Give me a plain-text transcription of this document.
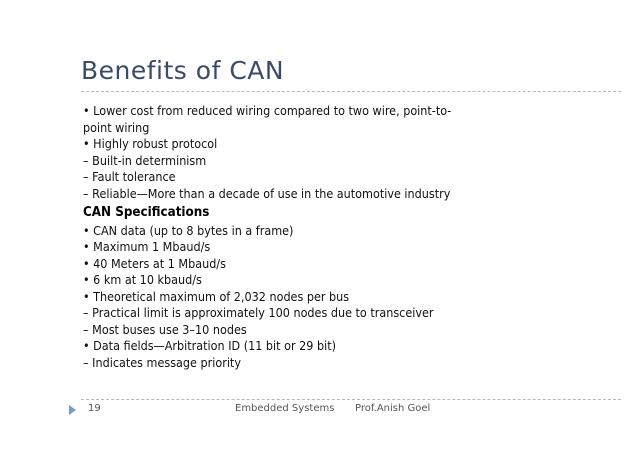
Benefits of CAN
• Lower cost from reduced wiring compared to two wire, point-to-point wiring
• Highly robust protocol
– Built-in determinism
– Fault tolerance
– Reliable—More than a decade of use in the automotive industry
CAN Specifications
• CAN data (up to 8 bytes in a frame)
• Maximum 1 Mbaud/s
• 40 Meters at 1 Mbaud/s
• 6 km at 10 kbaud/s
• Theoretical maximum of 2,032 nodes per bus
– Practical limit is approximately 100 nodes due to transceiver
– Most buses use 3–10 nodes
• Data fields—Arbitration ID (11 bit or 29 bit)
– Indicates message priority
19	Embedded Systems Prof.Anish Goel
